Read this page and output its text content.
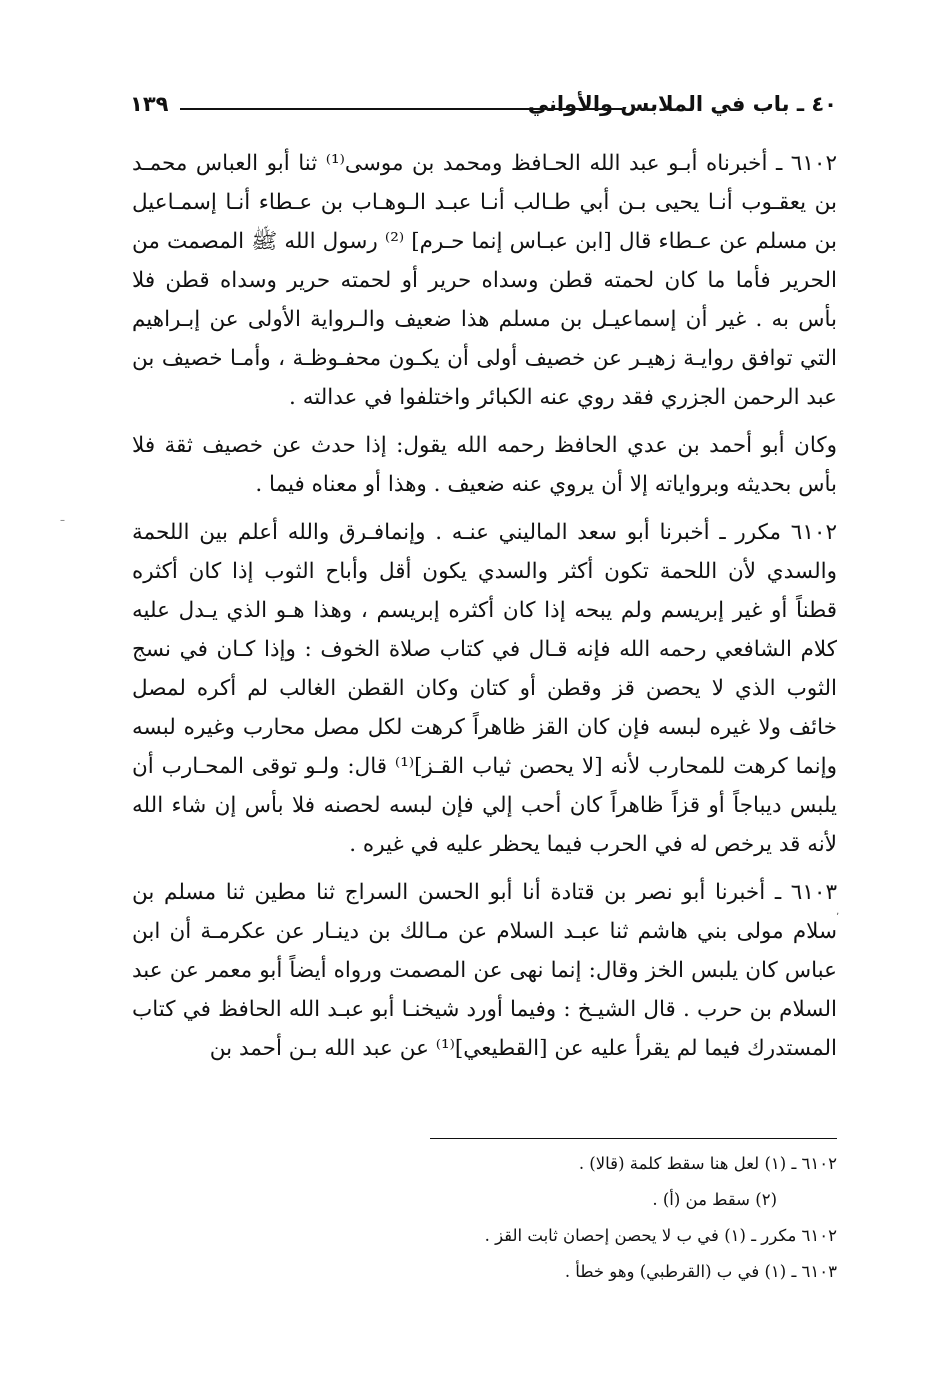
٤٠ ـ باب في الملابس والأواني
١٣٩

٦١٠٢ ـ أخبرناه أبـو عبد الله الحـافظ ومحمد بن موسى⁽¹⁾ ثنا أبو العباس محمـد بن يعقـوب أنـا يحيى بـن أبي طـالب أنـا عبـد الـوهـاب بن عـطاء أنـا إسمـاعيل بن مسلم عن عـطاء قال [ابن عبـاس إنما حـرم] ⁽²⁾ رسول الله ﷺ المصمت من الحرير فأما ما كان لحمته قطن وسداه حرير أو لحمته حرير وسداه قطن فلا بأس به . غير أن إسماعيـل بن مسلم هذا ضعيف والـرواية الأولى عن إبـراهيم التي توافق روايـة زهيـر عن خصيف أولى أن يكـون محفـوظـة ، وأمـا خصيف بن عبد الرحمن الجزري فقد روي عنه الكبائر واختلفوا في عدالته .

وكان أبو أحمد بن عدي الحافظ رحمه الله يقول: إذا حدث عن خصيف ثقة فلا بأس بحديثه وبرواياته إلا أن يروي عنه ضعيف . وهذا أو معناه فيما .

٦١٠٢ مكرر ـ أخبرنا أبو سعد الماليني عنـه . وإنمافـرق والله أعلم بين اللحمة والسدي لأن اللحمة تكون أكثر والسدي يكون أقل وأباح الثوب إذا كان أكثره قطناً أو غير إبريسم ولم يبحه إذا كان أكثره إبريسم ، وهذا هـو الذي يـدل عليه كلام الشافعي رحمه الله فإنه قـال في كتاب صلاة الخوف : وإذا كـان في نسج الثوب الذي لا يحصن قز وقطن أو كتان وكان القطن الغالب لم أكره لمصل خائف ولا غيره لبسه فإن كان القز ظاهراً كرهت لكل مصل محارب وغيره لبسه وإنما كرهت للمحارب لأنه [لا يحصن ثياب القـز]⁽¹⁾ قال: ولـو توقى المحـارب أن يلبس ديباجاً أو قزاً ظاهراً كان أحب إلي فإن لبسه لحصنه فلا بأس إن شاء الله لأنه قد يرخص له في الحرب فيما يحظر عليه في غيره .

٦١٠٣ ـ أخبرنا أبو نصر بن قتادة أنا أبو الحسن السراج ثنا مطين ثنا مسلم بن سلام مولى بني هاشم ثنا عبـد السلام عن مـالك بن دينـار عن عكرمـة أن ابن عباس كان يلبس الخز وقال: إنما نهى عن المصمت ورواه أيضاً أبو معمر عن عبد السلام بن حرب . قال الشيـخ : وفيما أورد شيخنـا أبو عبـد الله الحافظ في كتاب المستدرك فيما لم يقرأ عليه عن [القطيعي]⁽¹⁾ عن عبد الله بـن أحمد بن

٦١٠٢ ـ (١) لعل هنا سقط كلمة (قالا) .
(٢) سقط من (أ) .
٦١٠٢ مكرر ـ (١) في ب لا يحصن إحصان ثابت القز .
٦١٠٣ ـ (١) في ب (القرطبي) وهو خطأ .
–
ʼ
